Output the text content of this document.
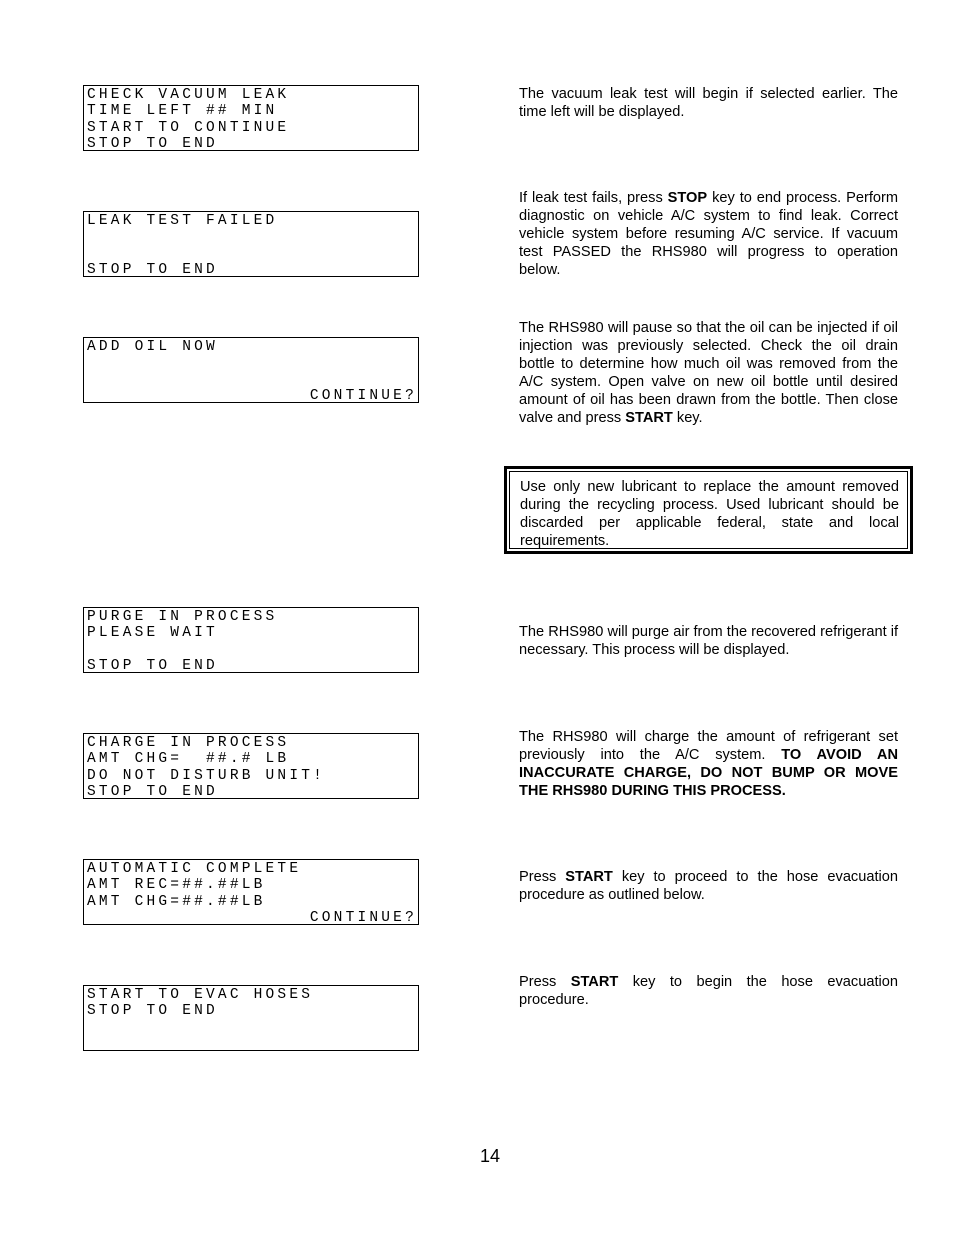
CHECK VACUUM LEAK
TIME LEFT ## MIN
START TO CONTINUE
STOP TO END
LEAK TEST FAILED
STOP TO END
ADD OIL NOW
CONTINUE?
PURGE IN PROCESS
PLEASE WAIT
STOP TO END
CHARGE IN PROCESS
AMT CHG=  ##.# LB
DO NOT DISTURB UNIT!
STOP TO END
AUTOMATIC COMPLETE
AMT REC=##.##LB
AMT CHG=##.##LB
CONTINUE?
START TO EVAC HOSES
STOP TO END
The vacuum leak test will begin if selected earlier. The time left will be displayed.
If leak test fails, press STOP key to end process. Perform diagnostic on vehicle A/C system to find leak. Correct vehicle system before resuming A/C service. If vacuum test PASSED the RHS980 will progress to operation below.
The RHS980 will pause so that the oil can be injected if oil injection was previously selected. Check the oil drain bottle to determine how much oil was removed from the A/C system. Open valve on new oil bottle until desired amount of oil has been drawn from the bottle. Then close valve and press START key.
The RHS980 will purge air from the recovered refrigerant if necessary. This process will be displayed.
The RHS980 will charge the amount of refrigerant set previously into the A/C system. TO AVOID AN INACCURATE CHARGE, DO NOT BUMP OR MOVE THE RHS980 DURING THIS PROCESS.
Press START key to proceed to the hose evacuation procedure as outlined below.
Press START key to begin the hose evacuation procedure.
Use only new lubricant to replace the amount removed during the recycling process. Used lubricant should be discarded per applicable federal, state and local requirements.
14
